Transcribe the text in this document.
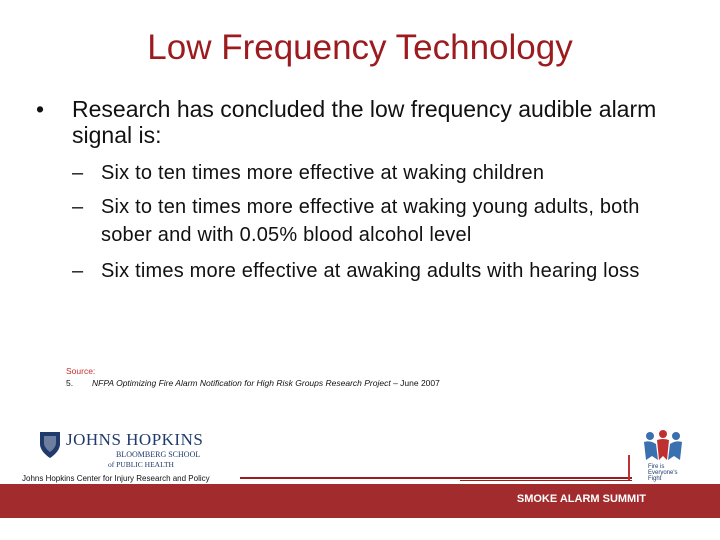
Low Frequency Technology
• Research has concluded the low frequency audible alarm signal is:
– Six to ten times more effective at waking children
– Six to ten times more effective at waking young adults, both sober and with 0.05% blood alcohol level
– Six times more effective at awaking adults with hearing loss
Source:
5. NFPA Optimizing Fire Alarm Notification for High Risk Groups Research Project – June 2007
JOHNS HOPKINS
BLOOMBERG SCHOOL
of PUBLIC HEALTH
Johns Hopkins Center for Injury Research and Policy
Fire is Everyone's Fight
SMOKE ALARM SUMMIT
